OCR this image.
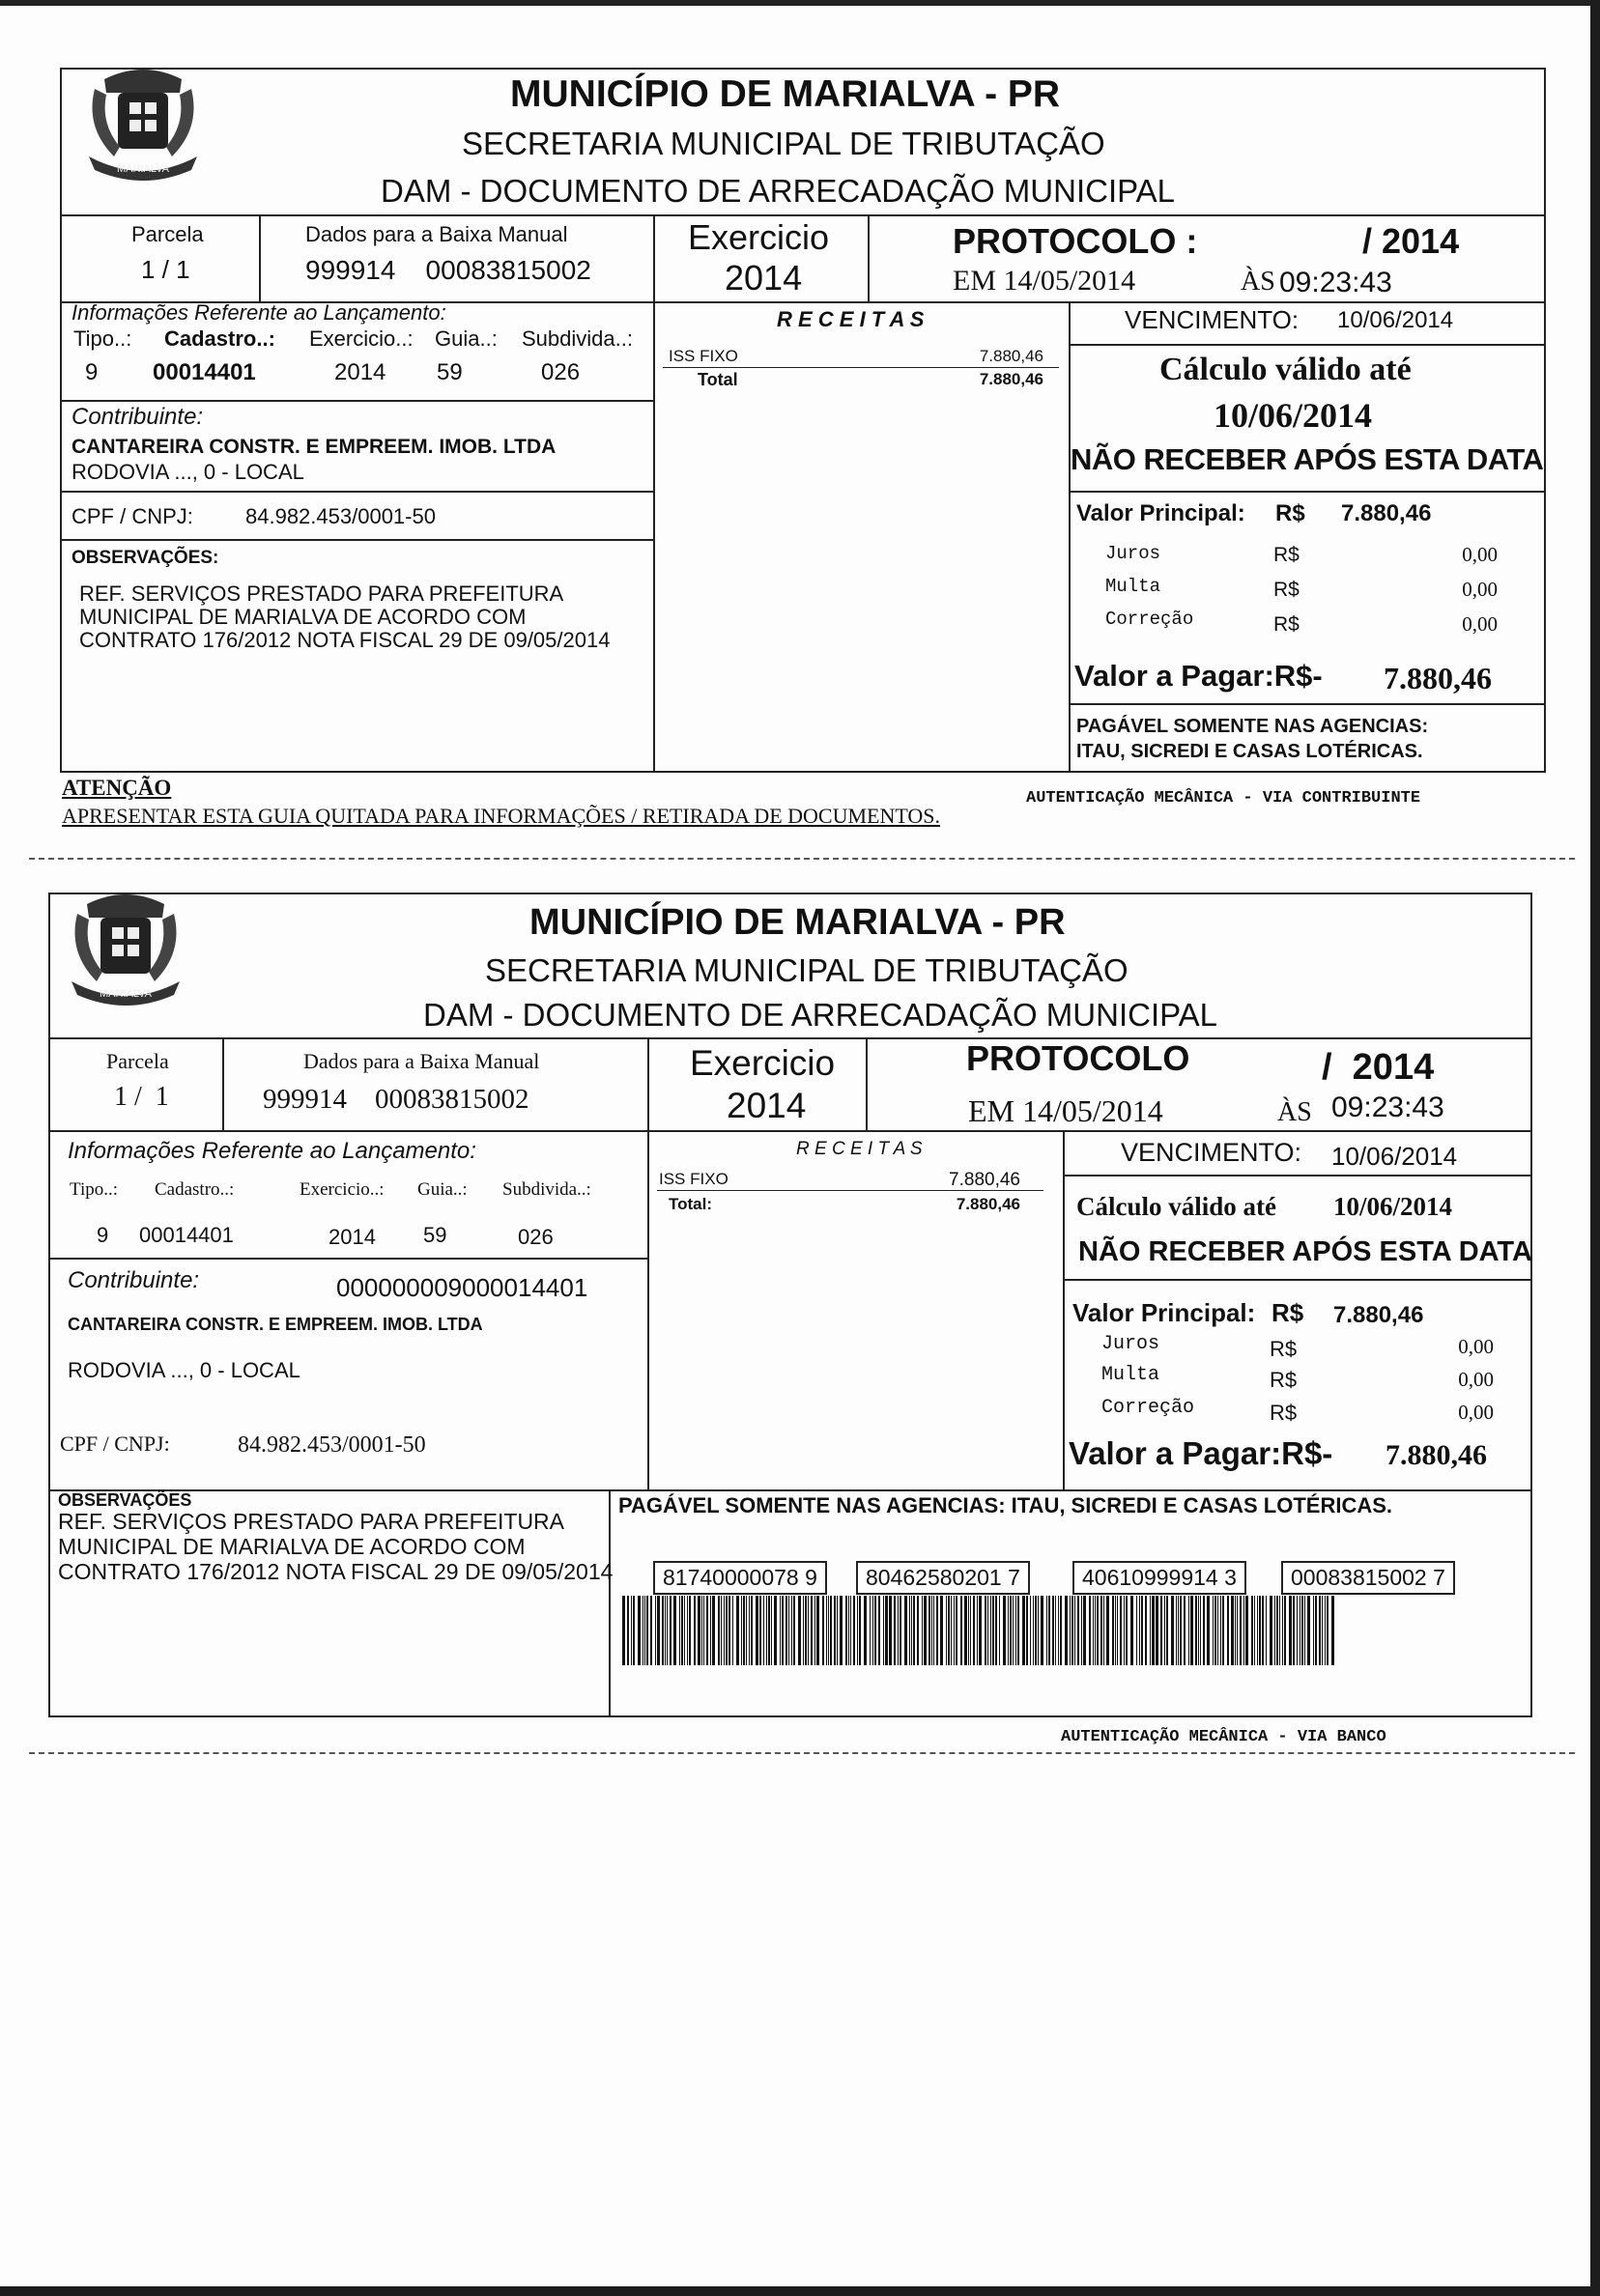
MARIALVA
MUNICÍPIO DE MARIALVA - PR
SECRETARIA MUNICIPAL DE TRIBUTAÇÃO
DAM - DOCUMENTO DE ARRECADAÇÃO MUNICIPAL
Parcela
1 / 1
Dados para a Baixa Manual
999914    00083815002
Exercicio
2014
PROTOCOLO :	/ 2014
EM 14/05/2014	ÀS 09:23:43
Informações Referente ao Lançamento:
Tipo..: Cadastro..: Exercicio..: Guia..: Subdivida..:
9 00014401	2014 59	026
Contribuinte:
CANTAREIRA CONSTR. E EMPREEM. IMOB. LTDA
RODOVIA ..., 0 - LOCAL
CPF / CNPJ: 84.982.453/0001-50
OBSERVAÇÕES:
REF. SERVIÇOS PRESTADO PARA PREFEITURA
MUNICIPAL DE MARIALVA DE ACORDO COM
CONTRATO 176/2012 NOTA FISCAL 29 DE 09/05/2014
R E C E I T A S
ISS FIXO	7.880,46
Total	7.880,46
VENCIMENTO: 10/06/2014
Cálculo válido até
10/06/2014
NÃO RECEBER APÓS ESTA DATA
Valor Principal: R$ 7.880,46
Juros	R$	0,00
Multa	R$	0,00
Correção	R$	0,00
Valor a Pagar:R$- 7.880,46
PAGÁVEL SOMENTE NAS AGENCIAS:
ITAU, SICREDI E CASAS LOTÉRICAS.
ATENÇÃO
APRESENTAR ESTA GUIA QUITADA PARA INFORMAÇÕES / RETIRADA DE DOCUMENTOS.
AUTENTICAÇÃO MECÂNICA - VIA CONTRIBUINTE
MARIALVA
MUNICÍPIO DE MARIALVA - PR
SECRETARIA MUNICIPAL DE TRIBUTAÇÃO
DAM - DOCUMENTO DE ARRECADAÇÃO MUNICIPAL
Parcela
1 /  1
Dados para a Baixa Manual
999914    00083815002
Exercicio
2014
PROTOCOLO	/  2014
EM 14/05/2014	ÀS 09:23:43
Informações Referente ao Lançamento:
Tipo..: Cadastro..:	Exercicio..: Guia..: Subdivida..:
9 00014401	2014 59	026
Contribuinte:	000000009000014401
CANTAREIRA CONSTR. E EMPREEM. IMOB. LTDA
RODOVIA ..., 0 - LOCAL
CPF / CNPJ:	84.982.453/0001-50
OBSERVAÇÕES
REF. SERVIÇOS PRESTADO PARA PREFEITURA
MUNICIPAL DE MARIALVA DE ACORDO COM
CONTRATO 176/2012 NOTA FISCAL 29 DE 09/05/2014
R E C E I T A S
ISS FIXO	7.880,46
Total:	7.880,46
VENCIMENTO: 10/06/2014
Cálculo válido até 10/06/2014
NÃO RECEBER APÓS ESTA DATA
Valor Principal: R$ 7.880,46
Juros	R$	0,00
Multa	R$	0,00
Correção	R$	0,00
Valor a Pagar:R$- 7.880,46
PAGÁVEL SOMENTE NAS AGENCIAS: ITAU, SICREDI E CASAS LOTÉRICAS.
81740000078 9	80462580201 7	40610999914 3	00083815002 7
AUTENTICAÇÃO MECÂNICA - VIA BANCO
